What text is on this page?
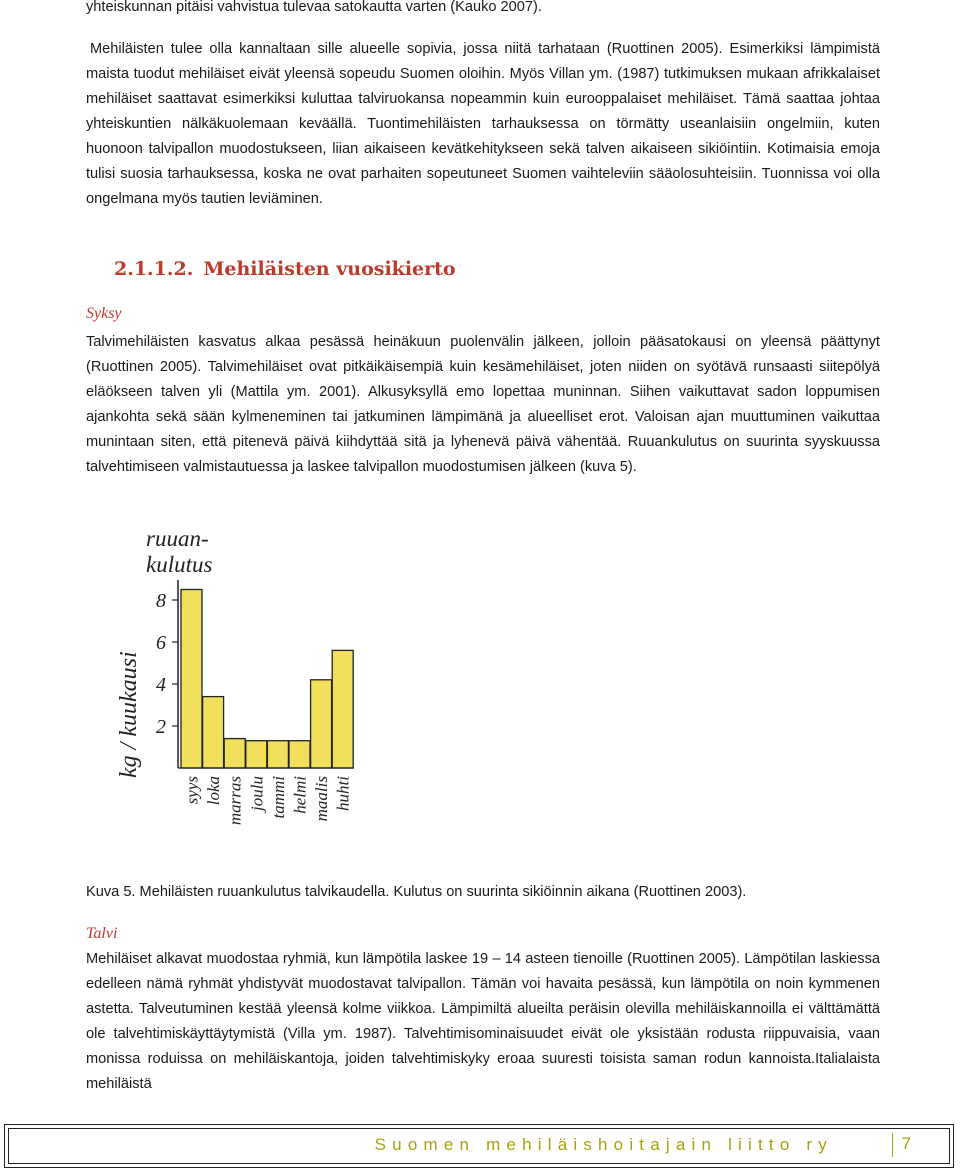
yhteiskunnan pitäisi vahvistua tulevaa satokautta varten (Kauko 2007).

Mehiläisten tulee olla kannaltaan sille alueelle sopivia, jossa niitä tarhataan (Ruottinen 2005). Esimerkiksi lämpimistä maista tuodut mehiläiset eivät yleensä sopeudu Suomen oloihin. Myös Villan ym. (1987) tutkimuksen mukaan afrikkalaiset mehiläiset saattavat esimerkiksi kuluttaa talviruokansa nopeammin kuin eurooppalaiset mehiläiset. Tämä saattaa johtaa yhteiskuntien nälkäkuolemaan keväällä. Tuontimehiläisten tarhauksessa on törmätty useanlaisiin ongelmiin, kuten huonoon talvipallon muodostukseen, liian aikaiseen kevätkehitykseen sekä talven aikaiseen sikiöintiin. Kotimaisia emoja tulisi suosia tarhauksessa, koska ne ovat parhaiten sopeutuneet Suomen vaihteleviin sääolosuhteisiin. Tuonnissa voi olla ongelmana myös tautien leviäminen.

2.1.1.2. Mehiläisten vuosikierto
Syksy

Talvimehiläisten kasvatus alkaa pesässä heinäkuun puolenvälin jälkeen, jolloin pääsatokausi on yleensä päättynyt (Ruottinen 2005). Talvimehiläiset ovat pitkäikäisempiä kuin kesämehiläiset, joten niiden on syötävä runsaasti siitepölyä eläökseen talven yli (Mattila ym. 2001). Alkusyksyllä emo lopettaa muninnan. Siihen vaikuttavat sadon loppumisen ajankohta sekä sään kylmeneminen tai jatkuminen lämpimänä ja alueelliset erot. Valoisan ajan muuttuminen vaikuttaa munintaan siten, että pitenevä päivä kiihdyttää sitä ja lyhenevä päivä vähentää. Ruuankulutus on suurinta syyskuussa talvehtimiseen valmistautuessa ja laskee talvipallon muodostumisen jälkeen (kuva 5).

ruuan-
kulutus
kg / kuukausi 2
4
6
8
syys loka marras joulu tammi helmi maalis huhti
Kuva 5. Mehiläisten ruuankulutus talvikaudella. Kulutus on suurinta sikiöinnin aikana (Ruottinen 2003).
Talvi

Mehiläiset alkavat muodostaa ryhmiä, kun lämpötila laskee 19 – 14 asteen tienoille (Ruottinen 2005). Lämpötilan laskiessa edelleen nämä ryhmät yhdistyvät muodostavat talvipallon. Tämän voi havaita pesässä, kun lämpötila on noin kymmenen astetta. Talveutuminen kestää yleensä kolme viikkoa. Lämpimiltä alueilta peräisin olevilla mehiläiskannoilla ei välttämättä ole talvehtimiskäyttäytymistä (Villa ym. 1987). Talvehtimisominaisuudet eivät ole yksistään rodusta riippuvaisia, vaan monissa roduissa on mehiläiskantoja, joiden talvehtimiskyky eroaa suuresti toisista saman rodun kannoista.Italialaista mehiläistä

Suomen mehiläishoitajain liitto ry	7
